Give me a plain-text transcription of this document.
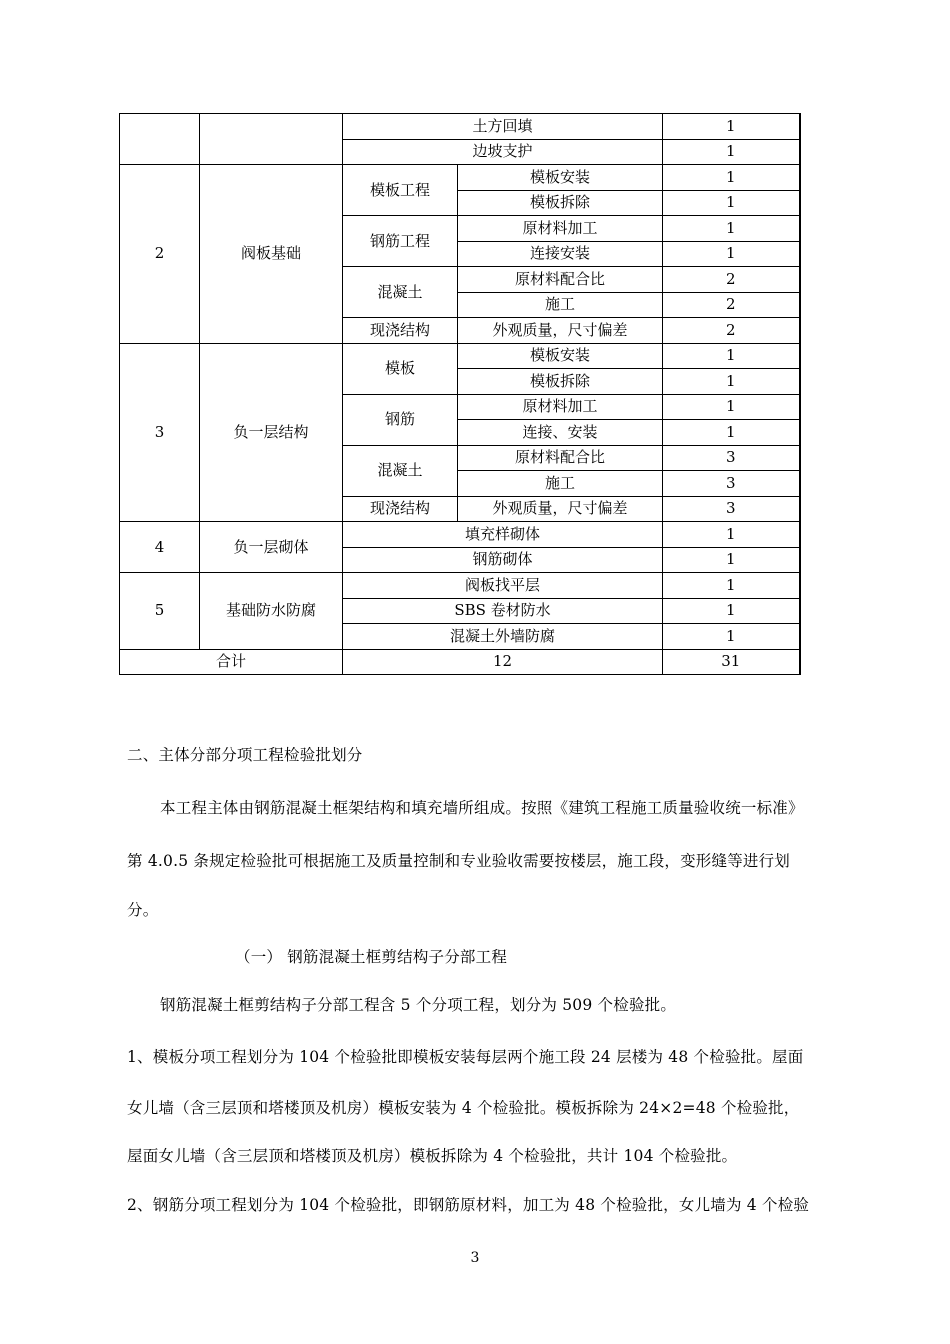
		土方回填		1
		边坡支护		1
2	阀板基础	模板工程	模板安装	1
			模板拆除	1
		钢筋工程	原材料加工	1
			连接安装	1
		混凝土	原材料配合比	2
			施工	2
		现浇结构	外观质量，尺寸偏差	2
3	负一层结构	模板	模板安装	1
			模板拆除	1
		钢筋	原材料加工	1
			连接、安装	1
		混凝土	原材料配合比	3
			施工	3
		现浇结构	外观质量，尺寸偏差	3
4	负一层砌体	填充样砌体		1
		钢筋砌体		1
5	基础防水防腐	阀板找平层		1
		SBS 卷材防水		1
		混凝土外墙防腐		1
合计		12		31
二、主体分部分项工程检验批划分
本工程主体由钢筋混凝土框架结构和填充墙所组成。按照《建筑工程施工质量验收统一标准》
第 4.0.5 条规定检验批可根据施工及质量控制和专业验收需要按楼层，施工段，变形缝等进行划
分。
（一） 钢筋混凝土框剪结构子分部工程
钢筋混凝土框剪结构子分部工程含 5 个分项工程，划分为 509 个检验批。
1、模板分项工程划分为 104 个检验批即模板安装每层两个施工段 24 层楼为 48 个检验批。屋面
女儿墙（含三层顶和塔楼顶及机房）模板安装为 4 个检验批。模板拆除为 24×2=48 个检验批，
屋面女儿墙（含三层顶和塔楼顶及机房）模板拆除为 4 个检验批，共计 104 个检验批。
2、钢筋分项工程划分为 104 个检验批，即钢筋原材料，加工为 48 个检验批，女儿墙为 4 个检验
3
